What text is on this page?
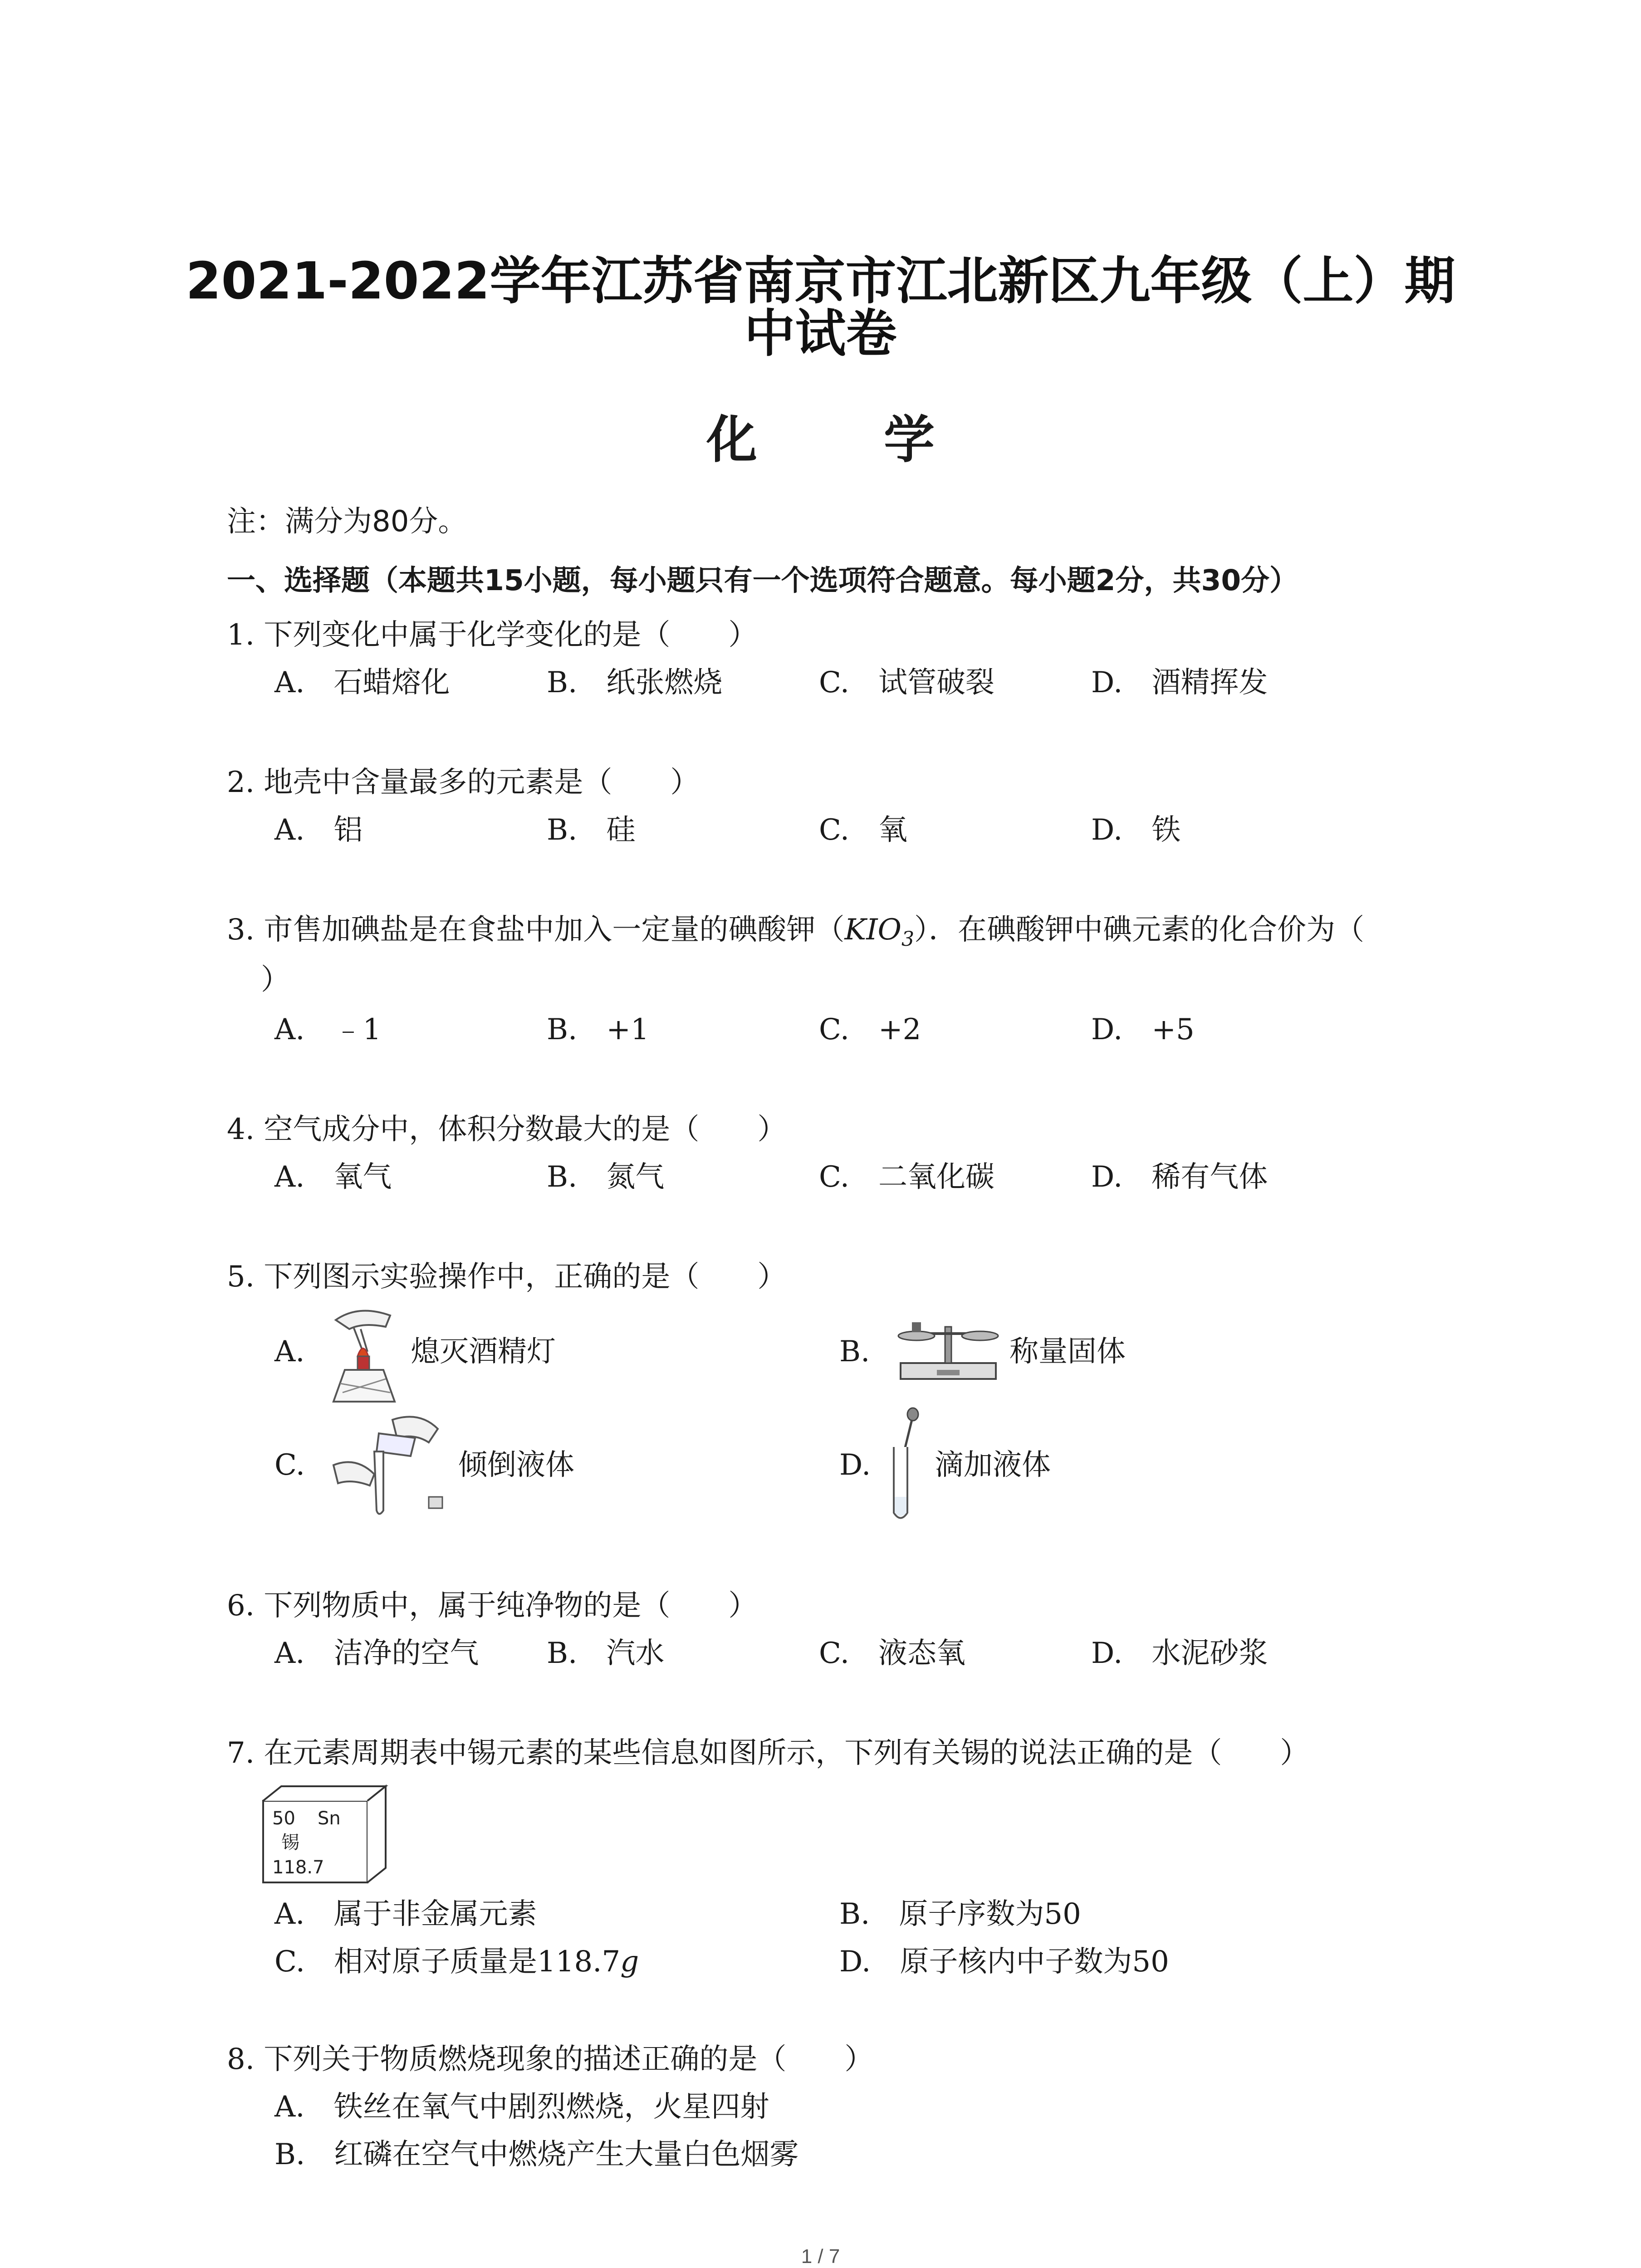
2021-2022学年江苏省南京市江北新区九年级（上）期
中试卷
化 学
注：满分为80分。
一、选择题（本题共15小题，每小题只有一个选项符合题意。每小题2分，共30分）
1. 下列变化中属于化学变化的是（　　）
A.　石蜡熔化	B.　纸张燃烧	C.　试管破裂	D.　酒精挥发
2. 地壳中含量最多的元素是（　　）
A.　铝	B.　硅	C.　氧	D.　铁
3. 市售加碘盐是在食盐中加入一定量的碘酸钾$(KIO_3)$．在碘酸钾中碘元素的化合价为（
）
A.　﹣1	B.　+1	C.　+2	D.　+5
4. 空气成分中，体积分数最大的是（　　）
A.　氧气	B.　氮气	C.　二氧化碳	D.　稀有气体
5. 下列图示实验操作中，正确的是（　　）
A.	熄灭酒精灯	B.	称量固体
C.	倾倒液体	D. 滴加液体
6. 下列物质中，属于纯净物的是（　　）
A.　洁净的空气 B.　汽水	C.　液态氧	D.　水泥砂浆
7. 在元素周期表中锡元素的某些信息如图所示，下列有关锡的说法正确的是（　　）
50 Sn
锡
118.7
A.　属于非金属元素	B.　原子序数为50
C.　相对原子质量是118.7g	D.　原子核内中子数为50
8. 下列关于物质燃烧现象的描述正确的是（　　）
A.　铁丝在氧气中剧烈燃烧，火星四射
B.　红磷在空气中燃烧产生大量白色烟雾
1 / 7
